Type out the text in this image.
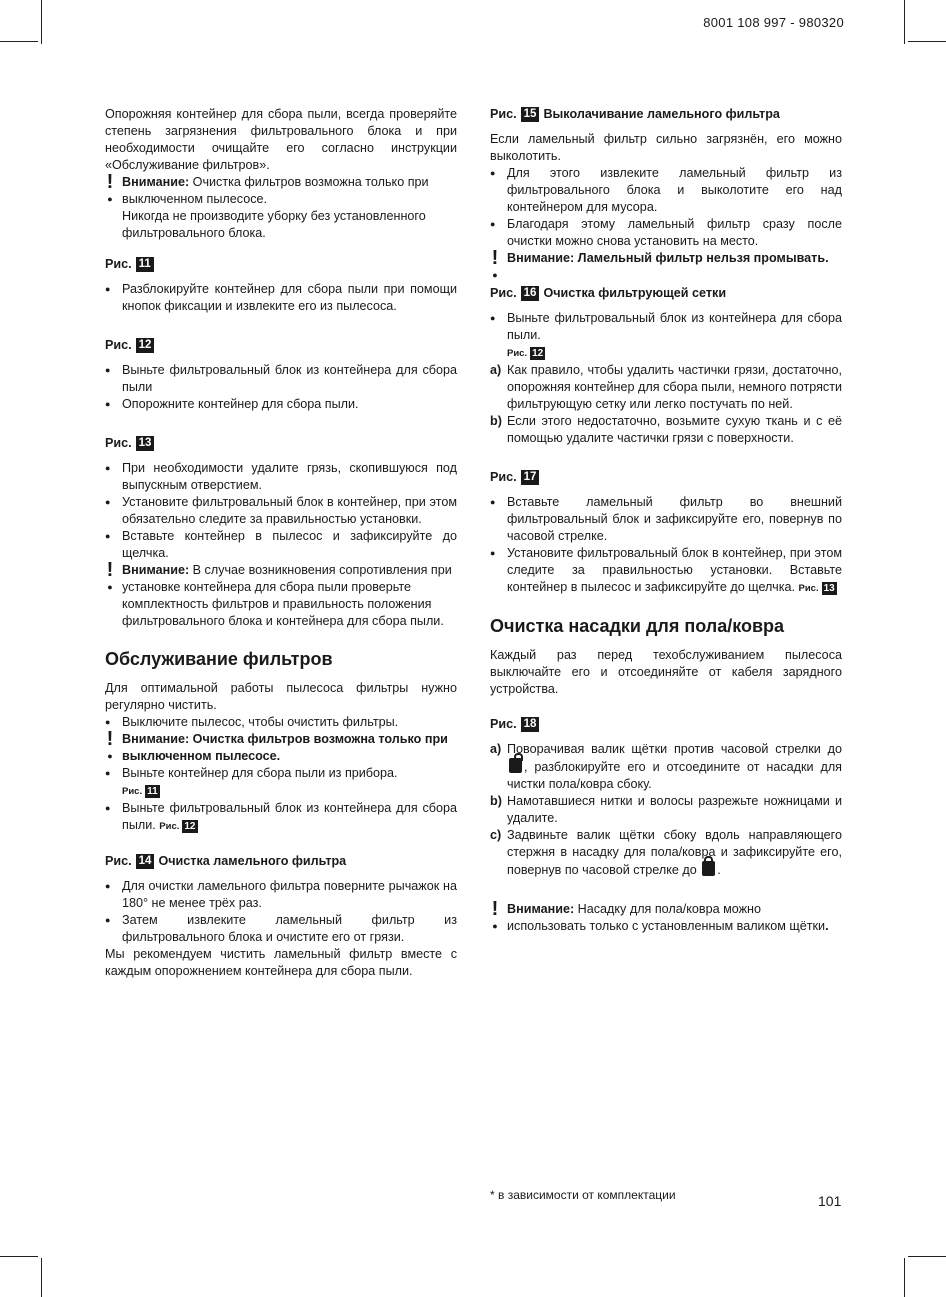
8001 108 997 - 980320

Опорожняя контейнер для сбора пыли, всегда проверяйте степень загрязнения фильтровального блока и при необходимости очищайте его согласно инструкции «Обслуживание фильтров».

!
●
Внимание: Очистка фильтров возможна только при выключенном пылесосе.
Никогда не производите уборку без установленного фильтровального блока.
Рис. 11
● Разблокируйте контейнер для сбора пыли при помощи кнопок фиксации и извлеките его из пылесоса.
Рис. 12
● Выньте фильтровальный блок из контейнера для сбора пыли
● Опорожните контейнер для сбора пыли.
Рис. 13
● При необходимости удалите грязь, скопившуюся под выпускным отверстием.
● Установите фильтровальный блок в контейнер, при этом обязательно следите за правильностью установки.
● Вставьте контейнер в пылесос и зафиксируйте до щелчка.
!
●
Внимание: В случае возникновения сопротивления при установке контейнера для сбора пыли проверьте комплектность фильтров и правильность положения фильтровального блока и контейнера для сбора пыли.
Обслуживание фильтров

Для оптимальной работы пылесоса фильтры нужно регулярно чистить.

● Выключите пылесос, чтобы очистить фильтры.
!
●
Внимание: Очистка фильтров возможна только при выключенном пылесосе.
● Выньте контейнер для сбора пыли из прибора.
Рис. 11
● Выньте фильтровальный блок из контейнера для сбора пыли. Рис. 12
Рис. 14 Очистка ламельного фильтра
● Для очистки ламельного фильтра поверните рычажок на 180° не менее трёх раз.
● Затем извлеките ламельный фильтр из фильтровального блока и очистите его от грязи.

Мы рекомендуем чистить ламельный фильтр вместе с каждым опорожнением контейнера для сбора пыли.

Рис. 15 Выколачивание ламельного фильтра

Если ламельный фильтр сильно загрязнён, его можно выколотить.

● Для этого извлеките ламельный фильтр из фильтровального блока и выколотите его над контейнером для мусора.
● Благодаря этому ламельный фильтр сразу после очистки можно снова установить на место.
!
●
Внимание: Ламельный фильтр нельзя промывать.
Рис. 16 Очистка фильтрующей сетки
● Выньте фильтровальный блок из контейнера для сбора пыли.
Рис. 12
a) Как правило, чтобы удалить частички грязи, достаточно, опорожняя контейнер для сбора пыли, немного потрясти фильтрующую сетку или легко постучать по ней.
b) Если этого недостаточно, возьмите сухую ткань и с её помощью удалите частички грязи с поверхности.
Рис. 17
● Вставьте ламельный фильтр во внешний фильтровальный блок и зафиксируйте его, повернув по часовой стрелке.
● Установите фильтровальный блок в контейнер, при этом следите за правильностью установки. Вставьте контейнер в пылесос и зафиксируйте до щелчка. Рис. 13
Очистка насадки для пола/ковра

Каждый раз перед техобслуживанием пылесоса выключайте его и отсоединяйте от кабеля зарядного устройства.

Рис. 18
a) Поворачивая валик щётки против часовой стрелки до , разблокируйте его и отсоедините от насадки для чистки пола/ковра сбоку.
b) Намотавшиеся нитки и волосы разрежьте ножницами и удалите.
c) Задвиньте валик щётки сбоку вдоль направляющего стержня в насадку для пола/ковра и зафиксируйте его, повернув по часовой стрелке до .
!
●
Внимание: Насадку для пола/ковра можно использовать только с установленным валиком щётки.
* в зависимости от комплектации	101
